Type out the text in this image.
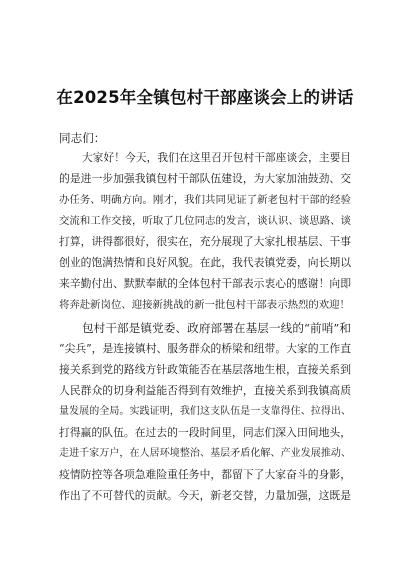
在2025年全镇包村干部座谈会上的讲话
同志们：
大家好！今天，我们在这里召开包村干部座谈会，主要目
的是进一步加强我镇包村干部队伍建设，为大家加油鼓劲、交
办任务、明确方向。刚才，我们共同见证了新老包村干部的经验
交流和工作交接，听取了几位同志的发言，谈认识、谈思路、谈
打算，讲得都很好，很实在，充分展现了大家扎根基层、干事
创业的饱满热情和良好风貌。在此，我代表镇党委，向长期以
来辛勤付出、默默奉献的全体包村干部表示衷心的感谢！向即
将奔赴新岗位、迎接新挑战的新一批包村干部表示热烈的欢迎！
包村干部是镇党委、政府部署在基层一线的“前哨”和
“尖兵”，是连接镇村、服务群众的桥梁和纽带。大家的工作直
接关系到党的路线方针政策能否在基层落地生根，直接关系到
人民群众的切身利益能否得到有效维护，直接关系到我镇高质
量发展的全局。实践证明，我们这支队伍是一支靠得住、拉得出、
打得赢的队伍。在过去的一段时间里，同志们深入田间地头，
走进千家万户，在人居环境整治、基层矛盾化解、产业发展推动、
疫情防控等各项急难险重任务中，都留下了大家奋斗的身影，
作出了不可替代的贡献。今天，新老交替，力量加强，这既是
